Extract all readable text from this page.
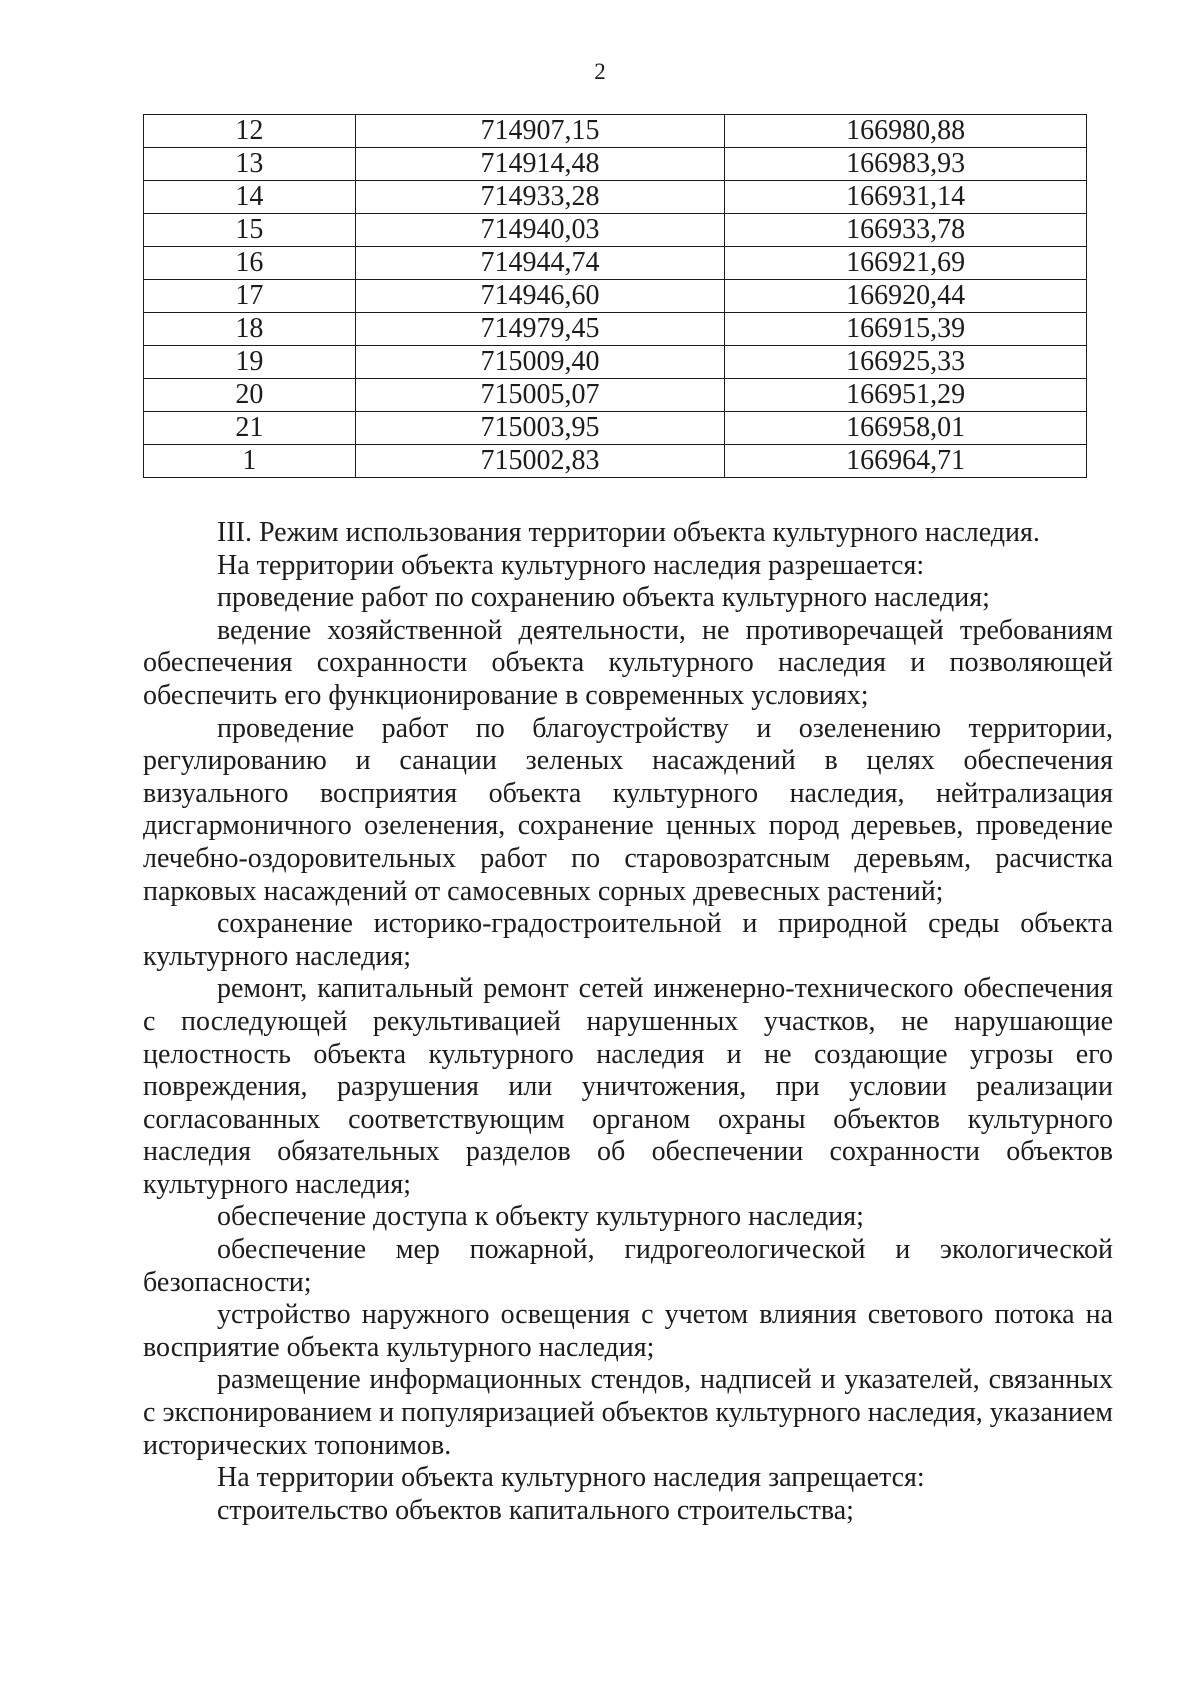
2
12	714907,15	166980,88
13	714914,48	166983,93
14	714933,28	166931,14
15	714940,03	166933,78
16	714944,74	166921,69
17	714946,60	166920,44
18	714979,45	166915,39
19	715009,40	166925,33
20	715005,07	166951,29
21	715003,95	166958,01
1	715002,83	166964,71

III. Режим использования территории объекта культурного наследия.

На территории объекта культурного наследия разрешается:

проведение работ по сохранению объекта культурного наследия;

ведение хозяйственной деятельности, не противоречащей требованиям обеспечения сохранности объекта культурного наследия и позволяющей обеспечить его функционирование в современных условиях;

проведение работ по благоустройству и озеленению территории, регулированию и санации зеленых насаждений в целях обеспечения визуального восприятия объекта культурного наследия, нейтрализация дисгармоничного озеленения, сохранение ценных пород деревьев, проведение лечебно-оздоровительных работ по старовозратсным деревьям, расчистка парковых насаждений от самосевных сорных древесных растений;

сохранение историко-градостроительной и природной среды объекта культурного наследия;

ремонт, капитальный ремонт сетей инженерно-технического обеспечения с последующей рекультивацией нарушенных участков, не нарушающие целостность объекта культурного наследия и не создающие угрозы его повреждения, разрушения или уничтожения, при условии реализации согласованных соответствующим органом охраны объектов культурного наследия обязательных разделов об обеспечении сохранности объектов культурного наследия;

обеспечение доступа к объекту культурного наследия;

обеспечение мер пожарной, гидрогеологической и экологической безопасности;

устройство наружного освещения с учетом влияния светового потока на восприятие объекта культурного наследия;

размещение информационных стендов, надписей и указателей, связанных с экспонированием и популяризацией объектов культурного наследия, указанием исторических топонимов.

На территории объекта культурного наследия запрещается:

строительство объектов капитального строительства;
